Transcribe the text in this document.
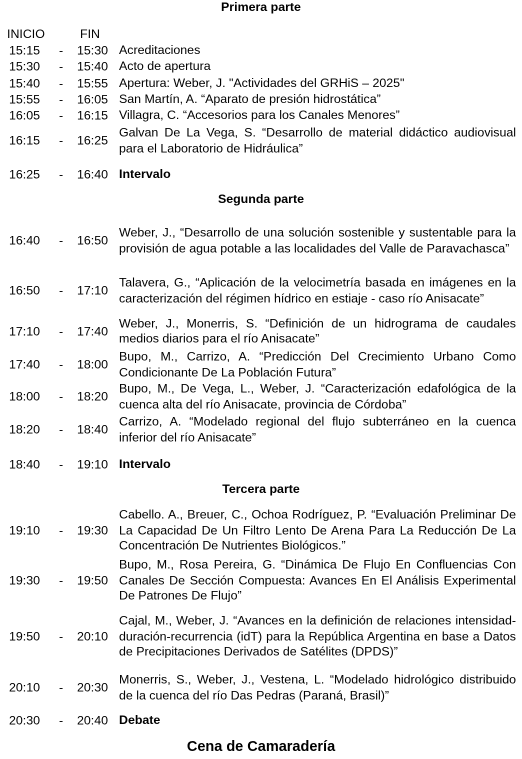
Primera parte
INICIO	FIN
15:15 - 15:30 Acreditaciones
15:30 - 15:40 Acto de apertura
15:40 - 15:55 Apertura: Weber, J. "Actividades del GRHiS – 2025"
15:55 - 16:05 San Martín, A. “Aparato de presión hidrostática”
16:05 - 16:15 Villagra, C. “Accesorios para los Canales Menores”
16:15 - 16:25
Galvan De La Vega, S. “Desarrollo de material didáctico audiovisual para el Laboratorio de Hidráulica”
16:25 - 16:40 Intervalo
Segunda parte
16:40 - 16:50
Weber, J., “Desarrollo de una solución sostenible y sustentable para la provisión de agua potable a las localidades del Valle de Paravachasca”
16:50 - 17:10
Talavera, G., “Aplicación de la velocimetría basada en imágenes en la caracterización del régimen hídrico en estiaje - caso río Anisacate”
17:10 - 17:40
Weber, J., Monerris, S. “Definición de un hidrograma de caudales medios diarios para el río Anisacate”
17:40 - 18:00
Bupo, M., Carrizo, A. “Predicción Del Crecimiento Urbano Como Condicionante De La Población Futura”
18:00 - 18:20
Bupo, M., De Vega, L., Weber, J. “Caracterización edafológica de la cuenca alta del río Anisacate, provincia de Córdoba”
18:20 - 18:40
Carrizo, A. “Modelado regional del flujo subterráneo en la cuenca inferior del río Anisacate”
18:40 - 19:10 Intervalo
Tercera parte
19:10 - 19:30
Cabello. A., Breuer, C., Ochoa Rodríguez, P. “Evaluación Preliminar De La Capacidad De Un Filtro Lento De Arena Para La Reducción De La Concentración De Nutrientes Biológicos.”
19:30 - 19:50
Bupo, M., Rosa Pereira, G. “Dinámica De Flujo En Confluencias Con Canales De Sección Compuesta: Avances En El Análisis Experimental De Patrones De Flujo”
19:50 - 20:10
Cajal, M., Weber, J. “Avances en la definición de relaciones intensidad-duración-recurrencia (idT) para la República Argentina en base a Datos de Precipitaciones Derivados de Satélites (DPDS)”
20:10 - 20:30
Monerris, S., Weber, J., Vestena, L. “Modelado hidrológico distribuido de la cuenca del río Das Pedras (Paraná, Brasil)”
20:30 - 20:40 Debate
Cena de Camaradería
